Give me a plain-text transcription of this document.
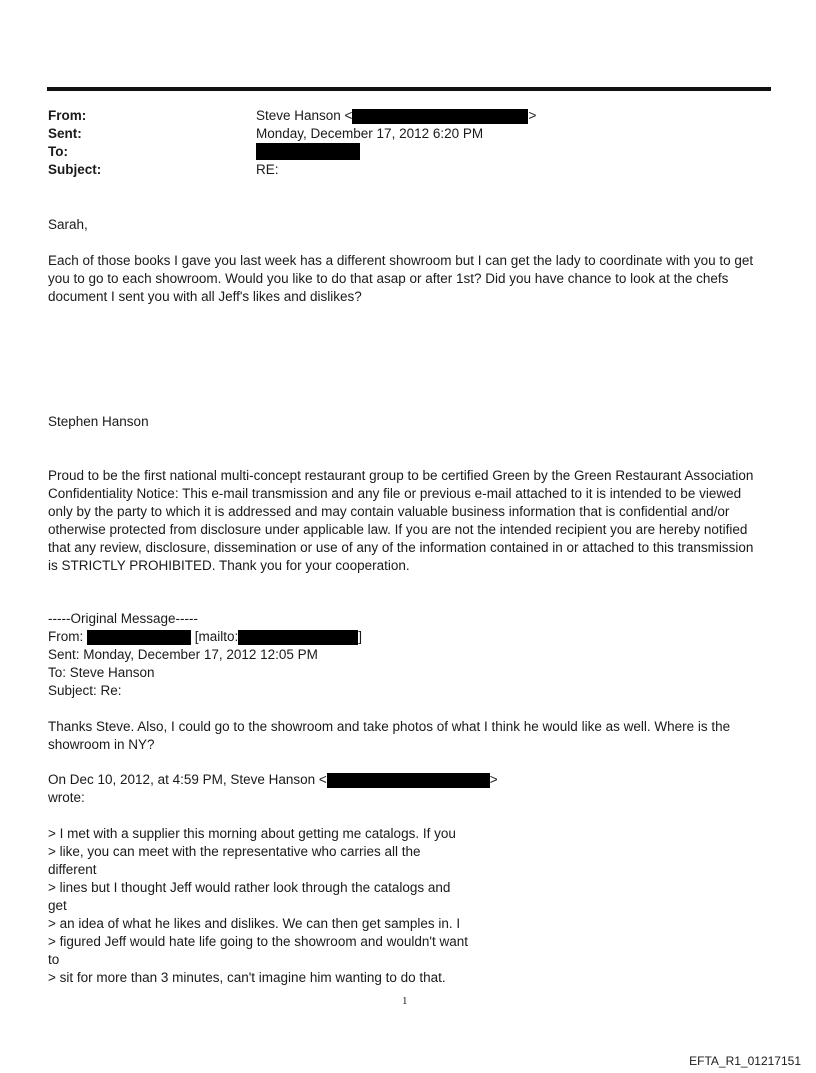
From:	Steve Hanson <	>
Sent:	Monday, December 17, 2012 6:20 PM
To:
Subject:	RE:

Sarah,

Each of those books I gave you last week has a different showroom but I can get the lady to coordinate with you to get
you to go to each showroom. Would you like to do that asap or after 1st? Did you have chance to look at the chefs
document I sent you with all Jeff's likes and dislikes?

Stephen Hanson

Proud to be the first national multi-concept restaurant group to be certified Green by the Green Restaurant Association
Confidentiality Notice: This e-mail transmission and any file or previous e-mail attached to it is intended to be viewed
only by the party to which it is addressed and may contain valuable business information that is confidential and/or
otherwise protected from disclosure under applicable law. If you are not the intended recipient you are hereby notified
that any review, disclosure, dissemination or use of any of the information contained in or attached to this transmission
is STRICTLY PROHIBITED. Thank you for your cooperation.

-----Original Message-----
From:	[mailto:	]
Sent: Monday, December 17, 2012 12:05 PM
To: Steve Hanson
Subject: Re:

Thanks Steve. Also, I could go to the showroom and take photos of what I think he would like as well. Where is the
showroom in NY?

On Dec 10, 2012, at 4:59 PM, Steve Hanson <	>
wrote:

> I met with a supplier this morning about getting me catalogs. If you
> like, you can meet with the representative who carries all the
different
> lines but I thought Jeff would rather look through the catalogs and
get
> an idea of what he likes and dislikes. We can then get samples in. I
> figured Jeff would hate life going to the showroom and wouldn't want
to
> sit for more than 3 minutes, can't imagine him wanting to do that.

1
EFTA_R1_01217151
